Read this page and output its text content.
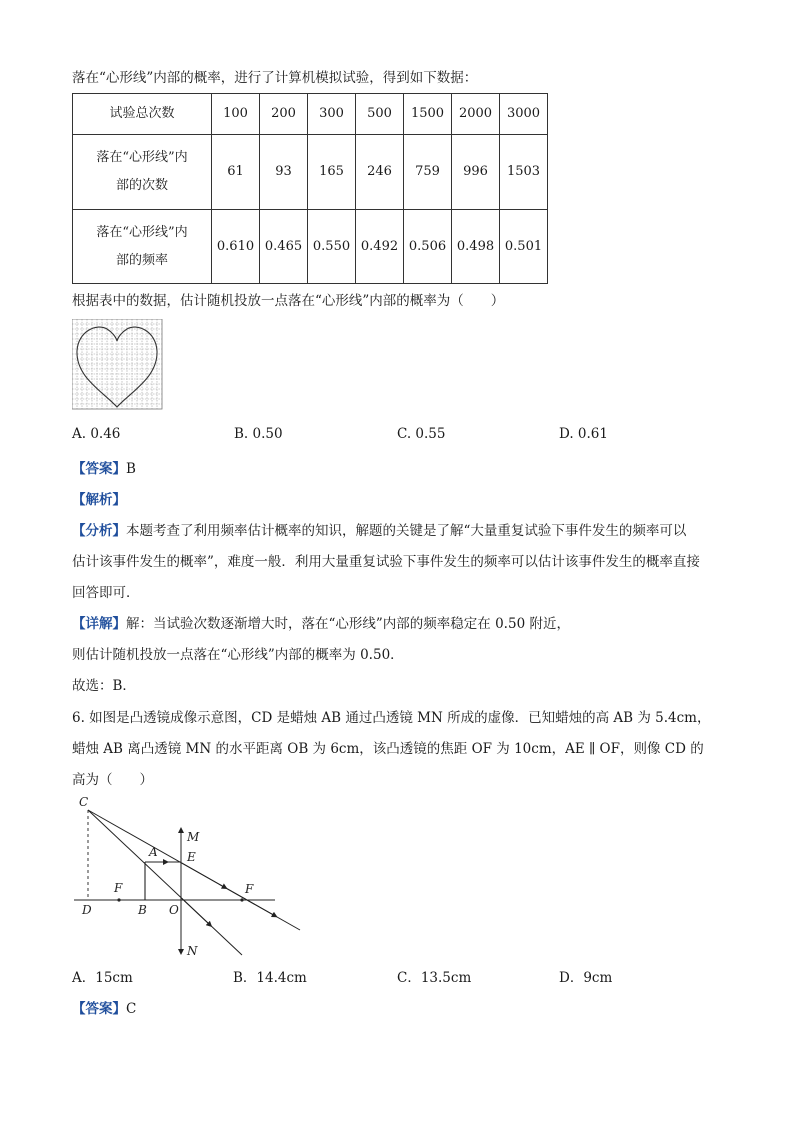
落在“心形线”内部的概率，进行了计算机模拟试验，得到如下数据：
试验总次数	100	200	300	500	1500	2000	3000

落在“心形线”内
部的次数	61	93	165	246	759	996	1503

落在“心形线”内
部的频率	0.610	0.465	0.550	0.492	0.506	0.498	0.501
根据表中的数据，估计随机投放一点落在“心形线”内部的概率为（　　）
A. 0.46	B. 0.50	C. 0.55	D. 0.61
【答案】B
【解析】
【分析】本题考查了利用频率估计概率的知识，解题的关键是了解“大量重复试验下事件发生的频率可以
估计该事件发生的概率”，难度一般．利用大量重复试验下事件发生的频率可以估计该事件发生的概率直接
回答即可．
【详解】解：当试验次数逐渐增大时，落在“心形线”内部的频率稳定在 0.50 附近，
则估计随机投放一点落在“心形线”内部的概率为 0.50．
故选：B．
6. 如图是凸透镜成像示意图，CD 是蜡烛 AB 通过凸透镜 MN 所成的虚像．已知蜡烛的高 AB 为 5.4cm，
蜡烛 AB 离凸透镜 MN 的水平距离 OB 为 6cm，该凸透镜的焦距 OF 为 10cm，AE ∥ OF，则像 CD 的
高为（　　）
C
M
A E
F	F
D	B O
N
A．15cm	B．14.4cm	C．13.5cm	D．9cm
【答案】C
